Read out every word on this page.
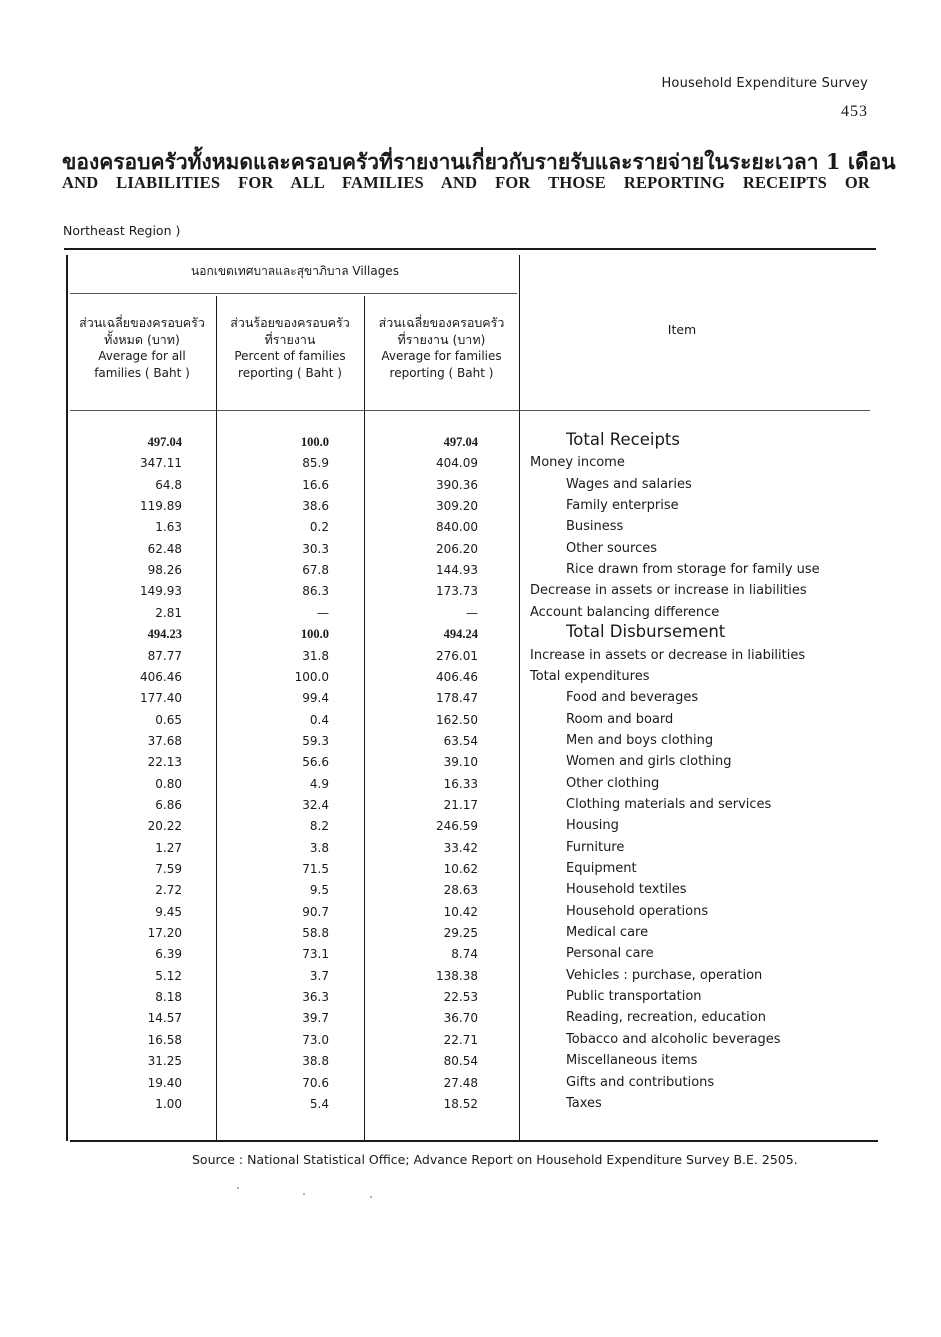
Household Expenditure Survey
453
ของครอบครัวทั้งหมดและครอบครัวที่รายงานเกี่ยวกับรายรับและรายจ่ายในระยะเวลา 1 เดือน
AND LIABILITIES FOR ALL FAMILIES AND FOR THOSE REPORTING RECEIPTS OR
Northeast Region )
นอกเขตเทศบาลและสุขาภิบาล Villages
ส่วนเฉลี่ยของครอบครัว
ทั้งหมด (บาท)
Average for all
families ( Baht )
ส่วนร้อยของครอบครัว
ที่รายงาน
Percent of families
reporting ( Baht )
ส่วนเฉลี่ยของครอบครัว
ที่รายงาน (บาท)
Average for families
reporting ( Baht )
Item
497.04	100.0	497.04	Total Receipts
347.11	85.9	404.09	Money income
64.8	16.6	390.36	Wages and salaries
119.89	38.6	309.20	Family enterprise
1.63	0.2	840.00	Business
62.48	30.3	206.20	Other sources
98.26	67.8	144.93	Rice drawn from storage for family use
149.93	86.3	173.73	Decrease in assets or increase in liabilities
2.81	—	—	Account balancing difference
494.23	100.0	494.24	Total Disbursement
87.77	31.8	276.01	Increase in assets or decrease in liabilities
406.46	100.0	406.46	Total expenditures
177.40	99.4	178.47	Food and beverages
0.65	0.4	162.50	Room and board
37.68	59.3	63.54	Men and boys clothing
22.13	56.6	39.10	Women and girls clothing
0.80	4.9	16.33	Other clothing
6.86	32.4	21.17	Clothing materials and services
20.22	8.2	246.59	Housing
1.27	3.8	33.42	Furniture
7.59	71.5	10.62	Equipment
2.72	9.5	28.63	Household textiles
9.45	90.7	10.42	Household operations
17.20	58.8	29.25	Medical care
6.39	73.1	8.74	Personal care
5.12	3.7	138.38	Vehicles : purchase, operation
8.18	36.3	22.53	Public transportation
14.57	39.7	36.70	Reading, recreation, education
16.58	73.0	22.71	Tobacco and alcoholic beverages
31.25	38.8	80.54	Miscellaneous items
19.40	70.6	27.48	Gifts and contributions
1.00	5.4	18.52	Taxes
Source : National Statistical Office; Advance Report on Household Expenditure Survey B.E. 2505.
